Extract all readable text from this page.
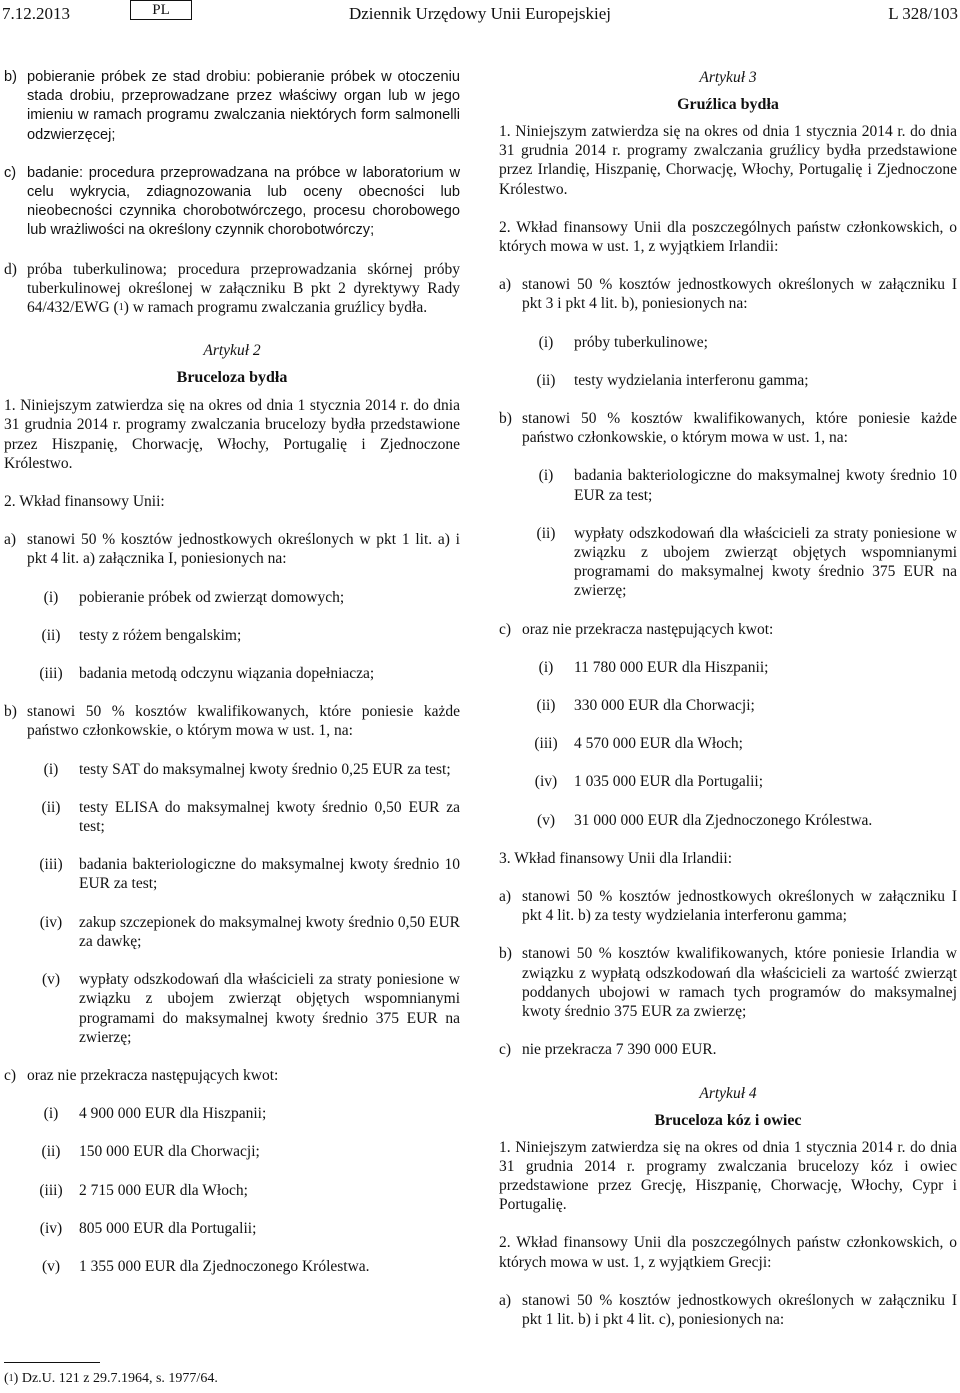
7.12.2013	PL	Dziennik Urzędowy Unii Europejskiej	L 328/103
b) pobieranie próbek ze stad drobiu: pobieranie próbek w otoczeniu stada drobiu, przeprowadzane przez właściwy organ lub w jego imieniu w ramach programu zwalczania niektórych form salmonelli odzwierzęcej;
c) badanie: procedura przeprowadzana na próbce w laboratorium w celu wykrycia, zdiagnozowania lub oceny obecności lub nieobecności czynnika chorobotwórczego, procesu chorobowego lub wrażliwości na określony czynnik chorobotwórczy;
d) próba tuberkulinowa; procedura przeprowadzania skórnej próby tuberkulinowej określonej w załączniku B pkt 2 dyrektywy Rady 64/432/EWG ($^1$) w ramach programu zwalczania gruźlicy bydła.
Artykuł 2
Bruceloza bydła
1. Niniejszym zatwierdza się na okres od dnia 1 stycznia 2014 r. do dnia 31 grudnia 2014 r. programy zwalczania brucelozy bydła przedstawione przez Hiszpanię, Chorwację, Włochy, Portugalię i Zjednoczone Królestwo.
2. Wkład finansowy Unii:
a) stanowi 50 % kosztów jednostkowych określonych w pkt 1 lit. a) i pkt 4 lit. a) załącznika I, poniesionych na:
(i)	pobieranie próbek od zwierząt domowych;
(ii)	testy z różem bengalskim;
(iii)	badania metodą odczynu wiązania dopełniacza;
b) stanowi 50 % kosztów kwalifikowanych, które poniesie każde państwo członkowskie, o którym mowa w ust. 1, na:
(i)	testy SAT do maksymalnej kwoty średnio 0,25 EUR za test;
(ii)	testy ELISA do maksymalnej kwoty średnio 0,50 EUR za test;
(iii)	badania bakteriologiczne do maksymalnej kwoty średnio 10 EUR za test;
(iv)	zakup szczepionek do maksymalnej kwoty średnio 0,50 EUR za dawkę;
(v)	wypłaty odszkodowań dla właścicieli za straty poniesione w związku z ubojem zwierząt objętych wspomnianymi programami do maksymalnej kwoty średnio 375 EUR na zwierzę;
c) oraz nie przekracza następujących kwot:
(i)	4 900 000 EUR dla Hiszpanii;
(ii)	150 000 EUR dla Chorwacji;
(iii)	2 715 000 EUR dla Włoch;
(iv)	805 000 EUR dla Portugalii;
(v)	1 355 000 EUR dla Zjednoczonego Królestwa.
Artykuł 3
Gruźlica bydła
1. Niniejszym zatwierdza się na okres od dnia 1 stycznia 2014 r. do dnia 31 grudnia 2014 r. programy zwalczania gruźlicy bydła przedstawione przez Irlandię, Hiszpanię, Chorwację, Włochy, Portugalię i Zjednoczone Królestwo.
2. Wkład finansowy Unii dla poszczególnych państw członkowskich, o których mowa w ust. 1, z wyjątkiem Irlandii:
a) stanowi 50 % kosztów jednostkowych określonych w załączniku I pkt 3 i pkt 4 lit. b), poniesionych na:
(i)	próby tuberkulinowe;
(ii)	testy wydzielania interferonu gamma;
b) stanowi 50 % kosztów kwalifikowanych, które poniesie każde państwo członkowskie, o którym mowa w ust. 1, na:
(i)	badania bakteriologiczne do maksymalnej kwoty średnio 10 EUR za test;
(ii)	wypłaty odszkodowań dla właścicieli za straty poniesione w związku z ubojem zwierząt objętych wspomnianymi programami do maksymalnej kwoty średnio 375 EUR na zwierzę;
c) oraz nie przekracza następujących kwot:
(i)	11 780 000 EUR dla Hiszpanii;
(ii)	330 000 EUR dla Chorwacji;
(iii)	4 570 000 EUR dla Włoch;
(iv)	1 035 000 EUR dla Portugalii;
(v)	31 000 000 EUR dla Zjednoczonego Królestwa.
3. Wkład finansowy Unii dla Irlandii:
a) stanowi 50 % kosztów jednostkowych określonych w załączniku I pkt 4 lit. b) za testy wydzielania interferonu gamma;
b) stanowi 50 % kosztów kwalifikowanych, które poniesie Irlandia w związku z wypłatą odszkodowań dla właścicieli za wartość zwierząt poddanych ubojowi w ramach tych programów do maksymalnej kwoty średnio 375 EUR za zwierzę;
c) nie przekracza 7 390 000 EUR.
Artykuł 4
Bruceloza kóz i owiec
1. Niniejszym zatwierdza się na okres od dnia 1 stycznia 2014 r. do dnia 31 grudnia 2014 r. programy zwalczania brucelozy kóz i owiec przedstawione przez Grecję, Hiszpanię, Chorwację, Włochy, Cypr i Portugalię.
2. Wkład finansowy Unii dla poszczególnych państw członkowskich, o których mowa w ust. 1, z wyjątkiem Grecji:
a) stanowi 50 % kosztów jednostkowych określonych w załączniku I pkt 1 lit. b) i pkt 4 lit. c), poniesionych na:
($^1$) Dz.U. 121 z 29.7.1964, s. 1977/64.
